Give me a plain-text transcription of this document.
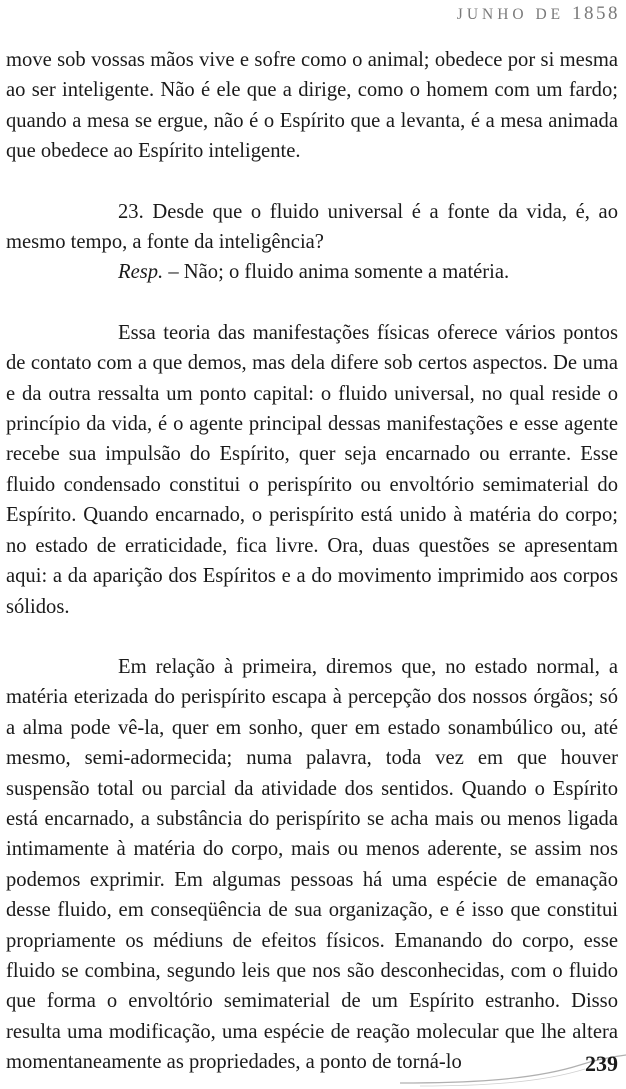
JUNHO DE 1858

move sob vossas mãos vive e sofre como o animal; obedece por si mesma ao ser inteligente. Não é ele que a dirige, como o homem com um fardo; quando a mesa se ergue, não é o Espírito que a levanta, é a mesa animada que obedece ao Espírito inteligente.

23. Desde que o fluido universal é a fonte da vida, é, ao mesmo tempo, a fonte da inteligência?

Resp. – Não; o fluido anima somente a matéria.

Essa teoria das manifestações físicas oferece vários pontos de contato com a que demos, mas dela difere sob certos aspectos. De uma e da outra ressalta um ponto capital: o fluido universal, no qual reside o princípio da vida, é o agente principal dessas manifestações e esse agente recebe sua impulsão do Espírito, quer seja encarnado ou errante. Esse fluido condensado constitui o perispírito ou envoltório semimaterial do Espírito. Quando encarnado, o perispírito está unido à matéria do corpo; no estado de erraticidade, fica livre. Ora, duas questões se apresentam aqui: a da aparição dos Espíritos e a do movimento imprimido aos corpos sólidos.

Em relação à primeira, diremos que, no estado normal, a matéria eterizada do perispírito escapa à percepção dos nossos órgãos; só a alma pode vê-la, quer em sonho, quer em estado sonambúlico ou, até mesmo, semi-adormecida; numa palavra, toda vez em que houver suspensão total ou parcial da atividade dos sentidos. Quando o Espírito está encarnado, a substância do perispírito se acha mais ou menos ligada intimamente à matéria do corpo, mais ou menos aderente, se assim nos podemos exprimir. Em algumas pessoas há uma espécie de emanação desse fluido, em conseqüência de sua organização, e é isso que constitui propriamente os médiuns de efeitos físicos. Emanando do corpo, esse fluido se combina, segundo leis que nos são desconhecidas, com o fluido que forma o envoltório semimaterial de um Espírito estranho. Disso resulta uma modificação, uma espécie de reação molecular que lhe altera momentaneamente as propriedades, a ponto de torná-lo	239
